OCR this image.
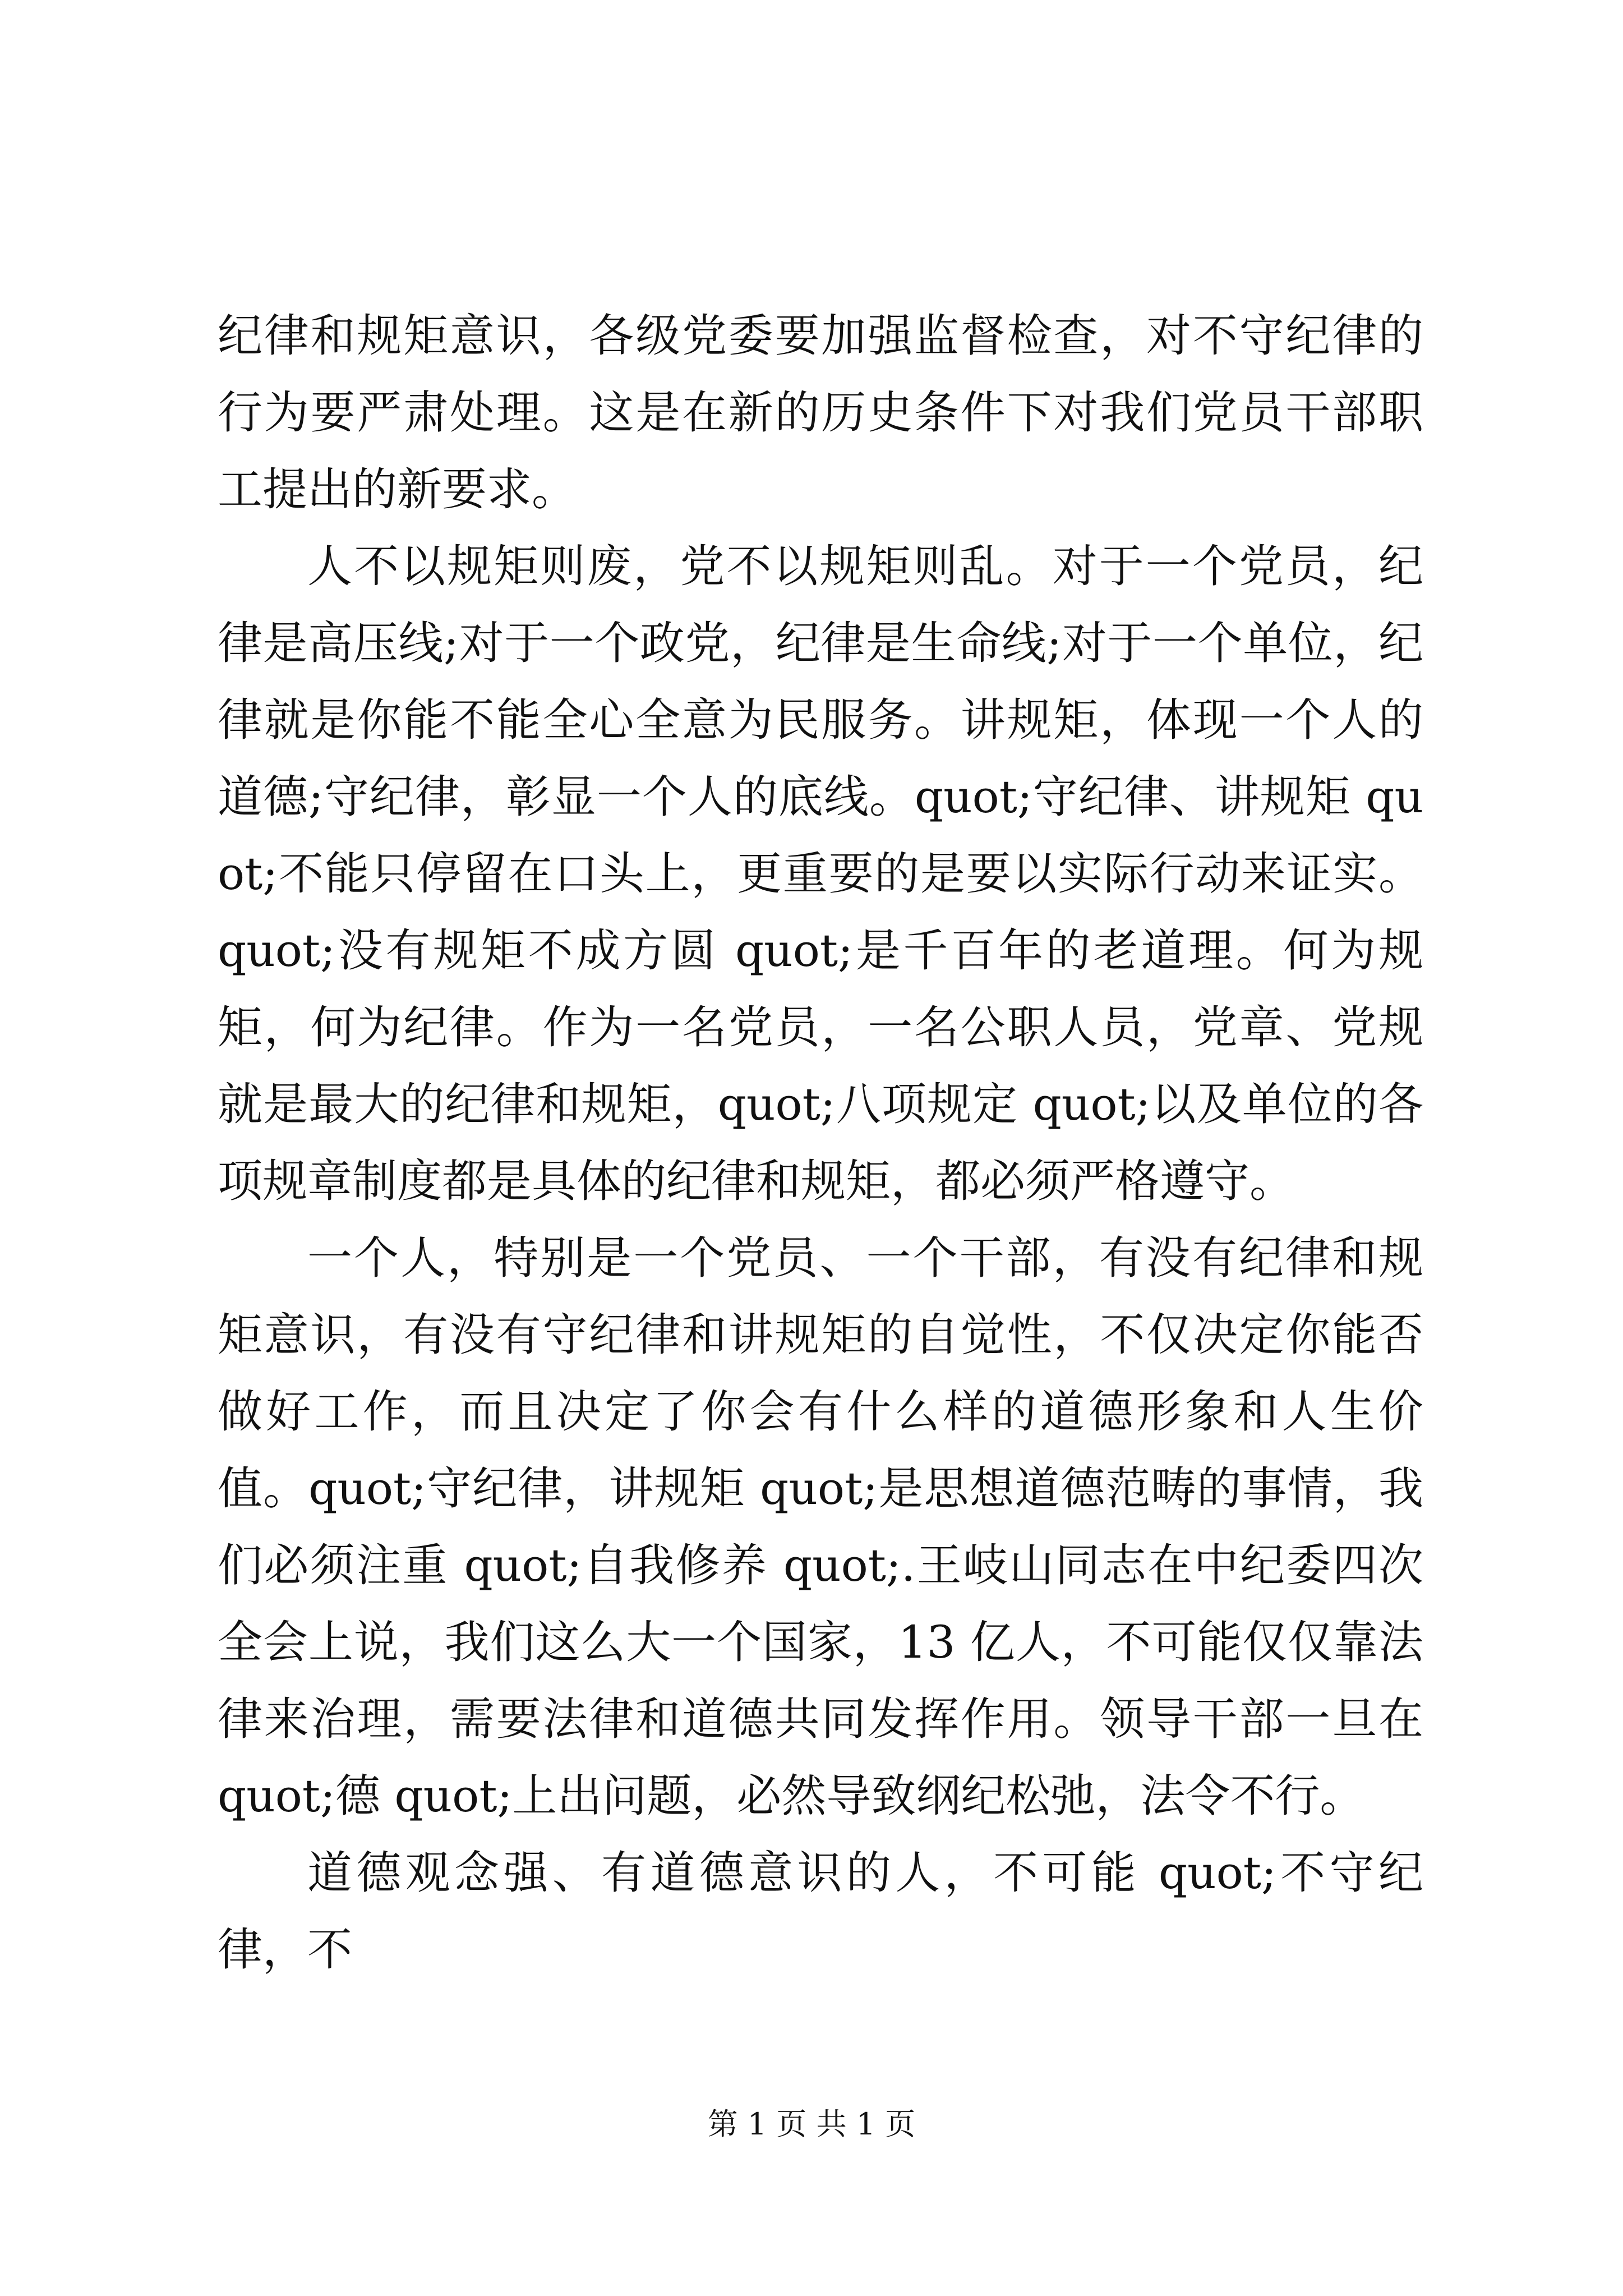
纪律和规矩意识，各级党委要加强监督检查，对不守纪律的行为要严肃处理。这是在新的历史条件下对我们党员干部职工提出的新要求。

人不以规矩则废，党不以规矩则乱。对于一个党员，纪律是高压线;对于一个政党，纪律是生命线;对于一个单位，纪律就是你能不能全心全意为民服务。讲规矩，体现一个人的道德;守纪律，彰显一个人的底线。quot;守纪律、讲规矩 quot;不能只停留在口头上，更重要的是要以实际行动来证实。quot;没有规矩不成方圆 quot;是千百年的老道理。何为规矩，何为纪律。作为一名党员，一名公职人员，党章、党规就是最大的纪律和规矩，quot;八项规定 quot;以及单位的各项规章制度都是具体的纪律和规矩，都必须严格遵守。

一个人，特别是一个党员、一个干部，有没有纪律和规矩意识，有没有守纪律和讲规矩的自觉性，不仅决定你能否做好工作，而且决定了你会有什么样的道德形象和人生价值。quot;守纪律，讲规矩 quot;是思想道德范畴的事情，我们必须注重 quot;自我修养 quot;.王岐山同志在中纪委四次全会上说，我们这么大一个国家，13 亿人，不可能仅仅靠法律来治理，需要法律和道德共同发挥作用。领导干部一旦在 quot;德 quot;上出问题，必然导致纲纪松弛，法令不行。

道德观念强、有道德意识的人，不可能 quot;不守纪律，不

第 1 页 共 1 页
